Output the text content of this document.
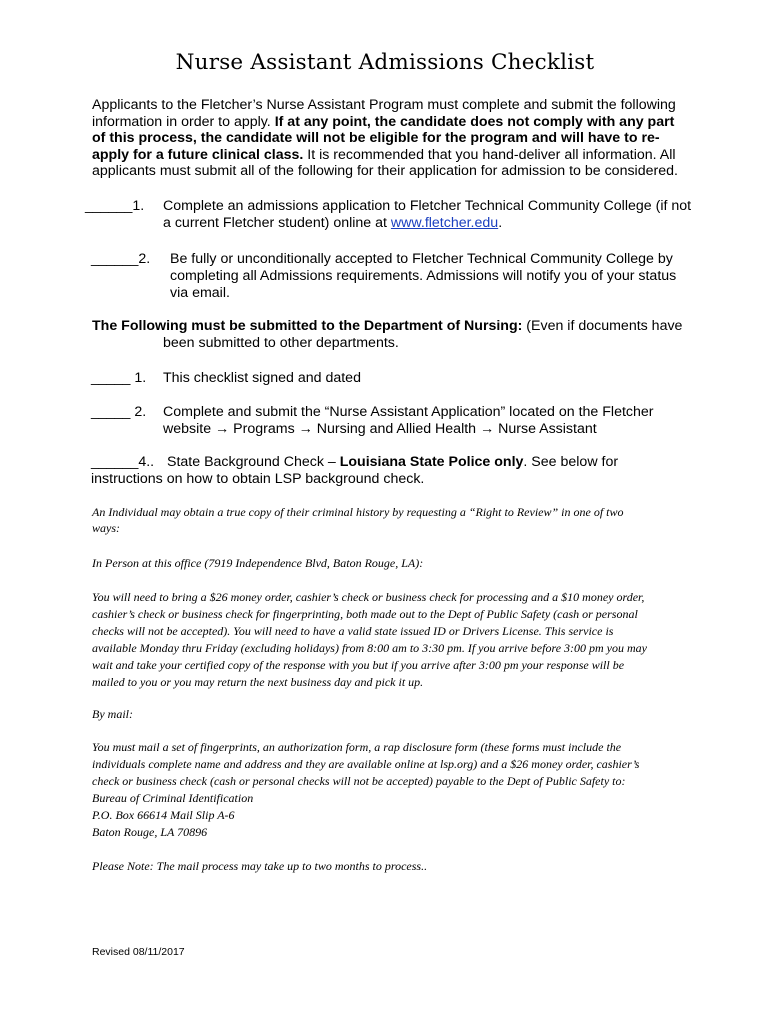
Nurse Assistant Admissions Checklist

Applicants to the Fletcher’s Nurse Assistant Program must complete and submit the following information in order to apply. If at any point, the candidate does not comply with any part of this process, the candidate will not be eligible for the program and will have to re-apply for a future clinical class. It is recommended that you hand-deliver all information. All applicants must submit all of the following for their application for admission to be considered.

______1. Complete an admissions application to Fletcher Technical Community College (if not
a current Fletcher student) online at www.fletcher.edu.
______2. Be fully or unconditionally accepted to Fletcher Technical Community College by
completing all Admissions requirements. Admissions will notify you of your status
via email.
The Following must be submitted to the Department of Nursing: (Even if documents have
been submitted to other departments.
_____ 1. This checklist signed and dated
_____ 2. Complete and submit the “Nurse Assistant Application” located on the Fletcher
website → Programs → Nursing and Allied Health → Nurse Assistant
______4.. State Background Check – Louisiana State Police only. See below for
instructions on how to obtain LSP background check.
An Individual may obtain a true copy of their criminal history by requesting a “Right to Review” in one of two
ways:
In Person at this office (7919 Independence Blvd, Baton Rouge, LA):
You will need to bring a $26 money order, cashier’s check or business check for processing and a $10 money order,
cashier’s check or business check for fingerprinting, both made out to the Dept of Public Safety (cash or personal
checks will not be accepted). You will need to have a valid state issued ID or Drivers License. This service is
available Monday thru Friday (excluding holidays) from 8:00 am to 3:30 pm. If you arrive before 3:00 pm you may
wait and take your certified copy of the response with you but if you arrive after 3:00 pm your response will be
mailed to you or you may return the next business day and pick it up.
By mail:
You must mail a set of fingerprints, an authorization form, a rap disclosure form (these forms must include the
individuals complete name and address and they are available online at lsp.org) and a $26 money order, cashier’s
check or business check (cash or personal checks will not be accepted) payable to the Dept of Public Safety to:
Bureau of Criminal Identification
P.O. Box 66614 Mail Slip A-6
Baton Rouge, LA 70896
Please Note: The mail process may take up to two months to process..
Revised 08/11/2017
